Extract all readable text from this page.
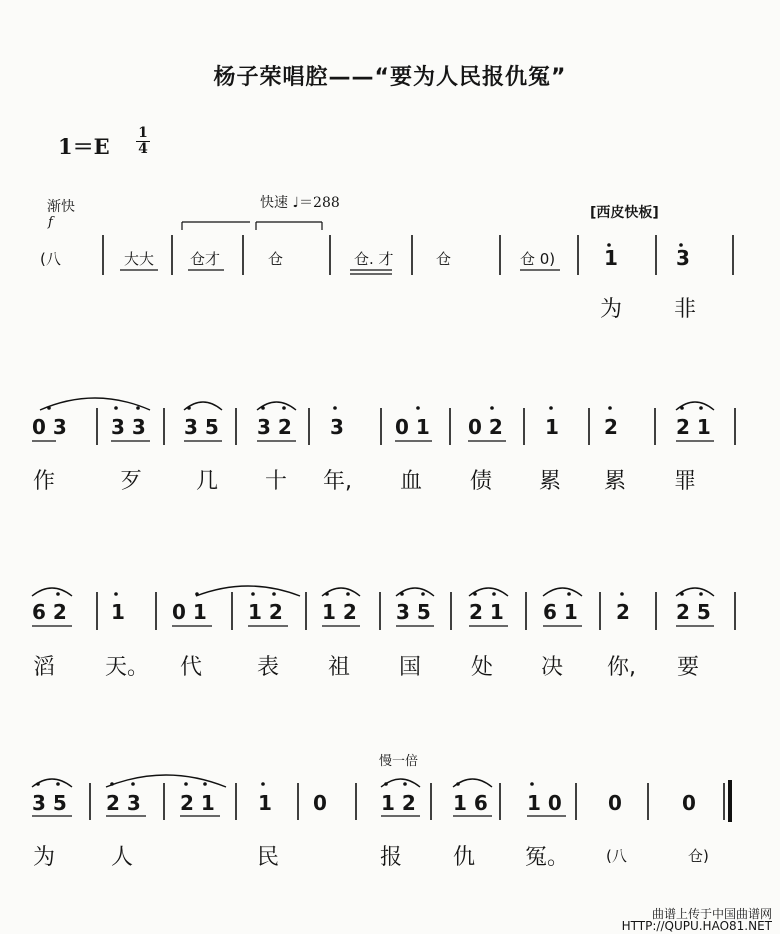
杨子荣唱腔——“要为人民报仇冤”
1＝E
1
4
渐快
f
快速 ♩＝288
[西皮快板]
慢一倍
(八	大大 仓才	仓	仓. 才	仓	仓 0) 1	3
为 非
0 3 3 3 3 5 3 2 3	0 1 0 2 1 2	2 1
作	歹 几 十 年, 血 债 累 累 罪
6 2 1 0 1 1 2 1 2 3 5 2 1 6 1 2 2 5
滔 天。 代 表 祖 国 处 决 你, 要
3 5 2 3 2 1 1 0	1 2 1 6 1 0 0	0
为	人	民	报 仇 冤。 (八	仓)
曲谱上传于中国曲谱网
HTTP://QUPU.HAO81.NET
